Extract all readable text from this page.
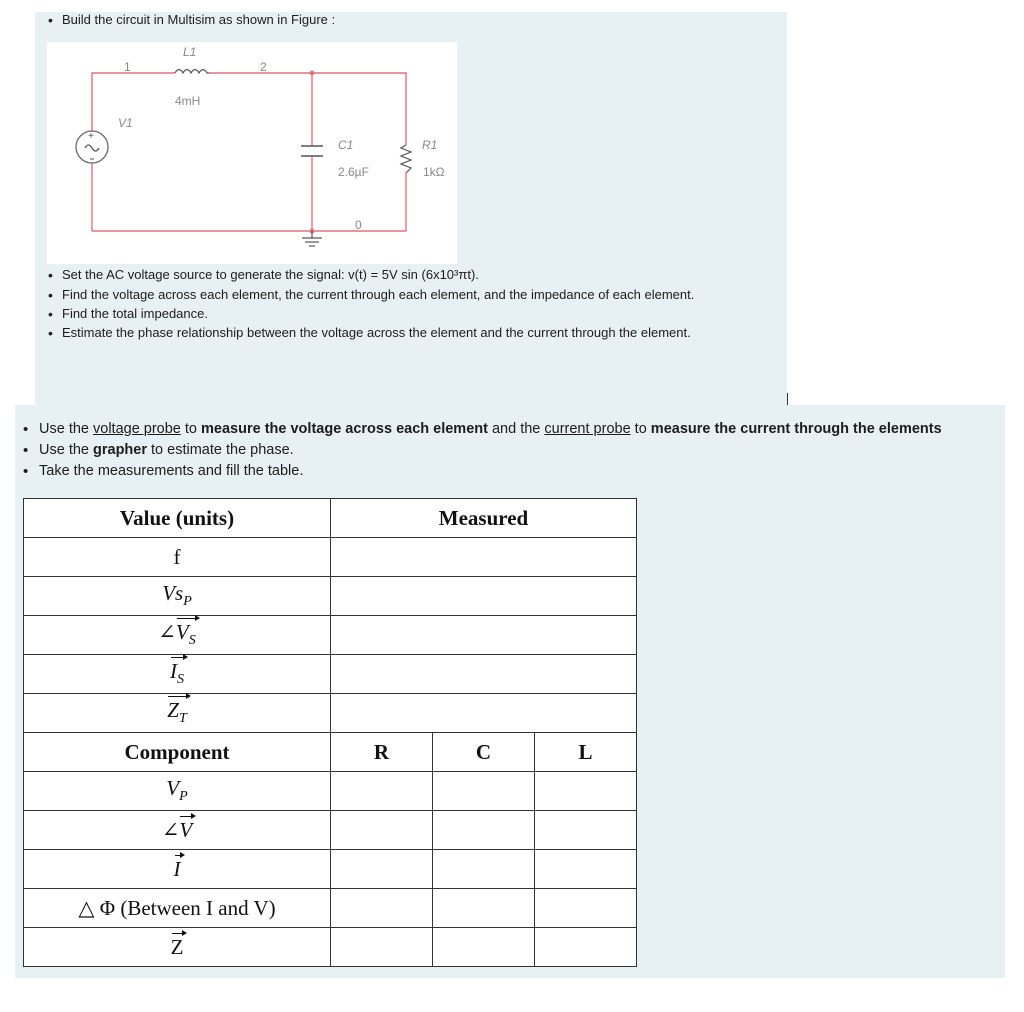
• Build the circuit in Multisim as shown in Figure :
+
1	2
L1
4mH
V1
C1
2.6µF
R1
1kΩ
0
• Set the AC voltage source to generate the signal: v(t) = 5V sin (6x10³πt).
• Find the voltage across each element, the current through each element, and the impedance of each element.
• Find the total impedance.
• Estimate the phase relationship between the voltage across the element and the current through the element.
• Use the voltage probe to measure the voltage across each element and the current probe to measure the current through the elements
• Use the grapher to estimate the phase.
• Take the measurements and fill the table.
Value (units)	Measured		
f			
$Vs_P$	
$\angle V_S$	
$I_S$	
$Z_T$	
Component	R	C	L
$V_P$			
∠V			
I			
△ Φ (Between I and V)			
Z			
